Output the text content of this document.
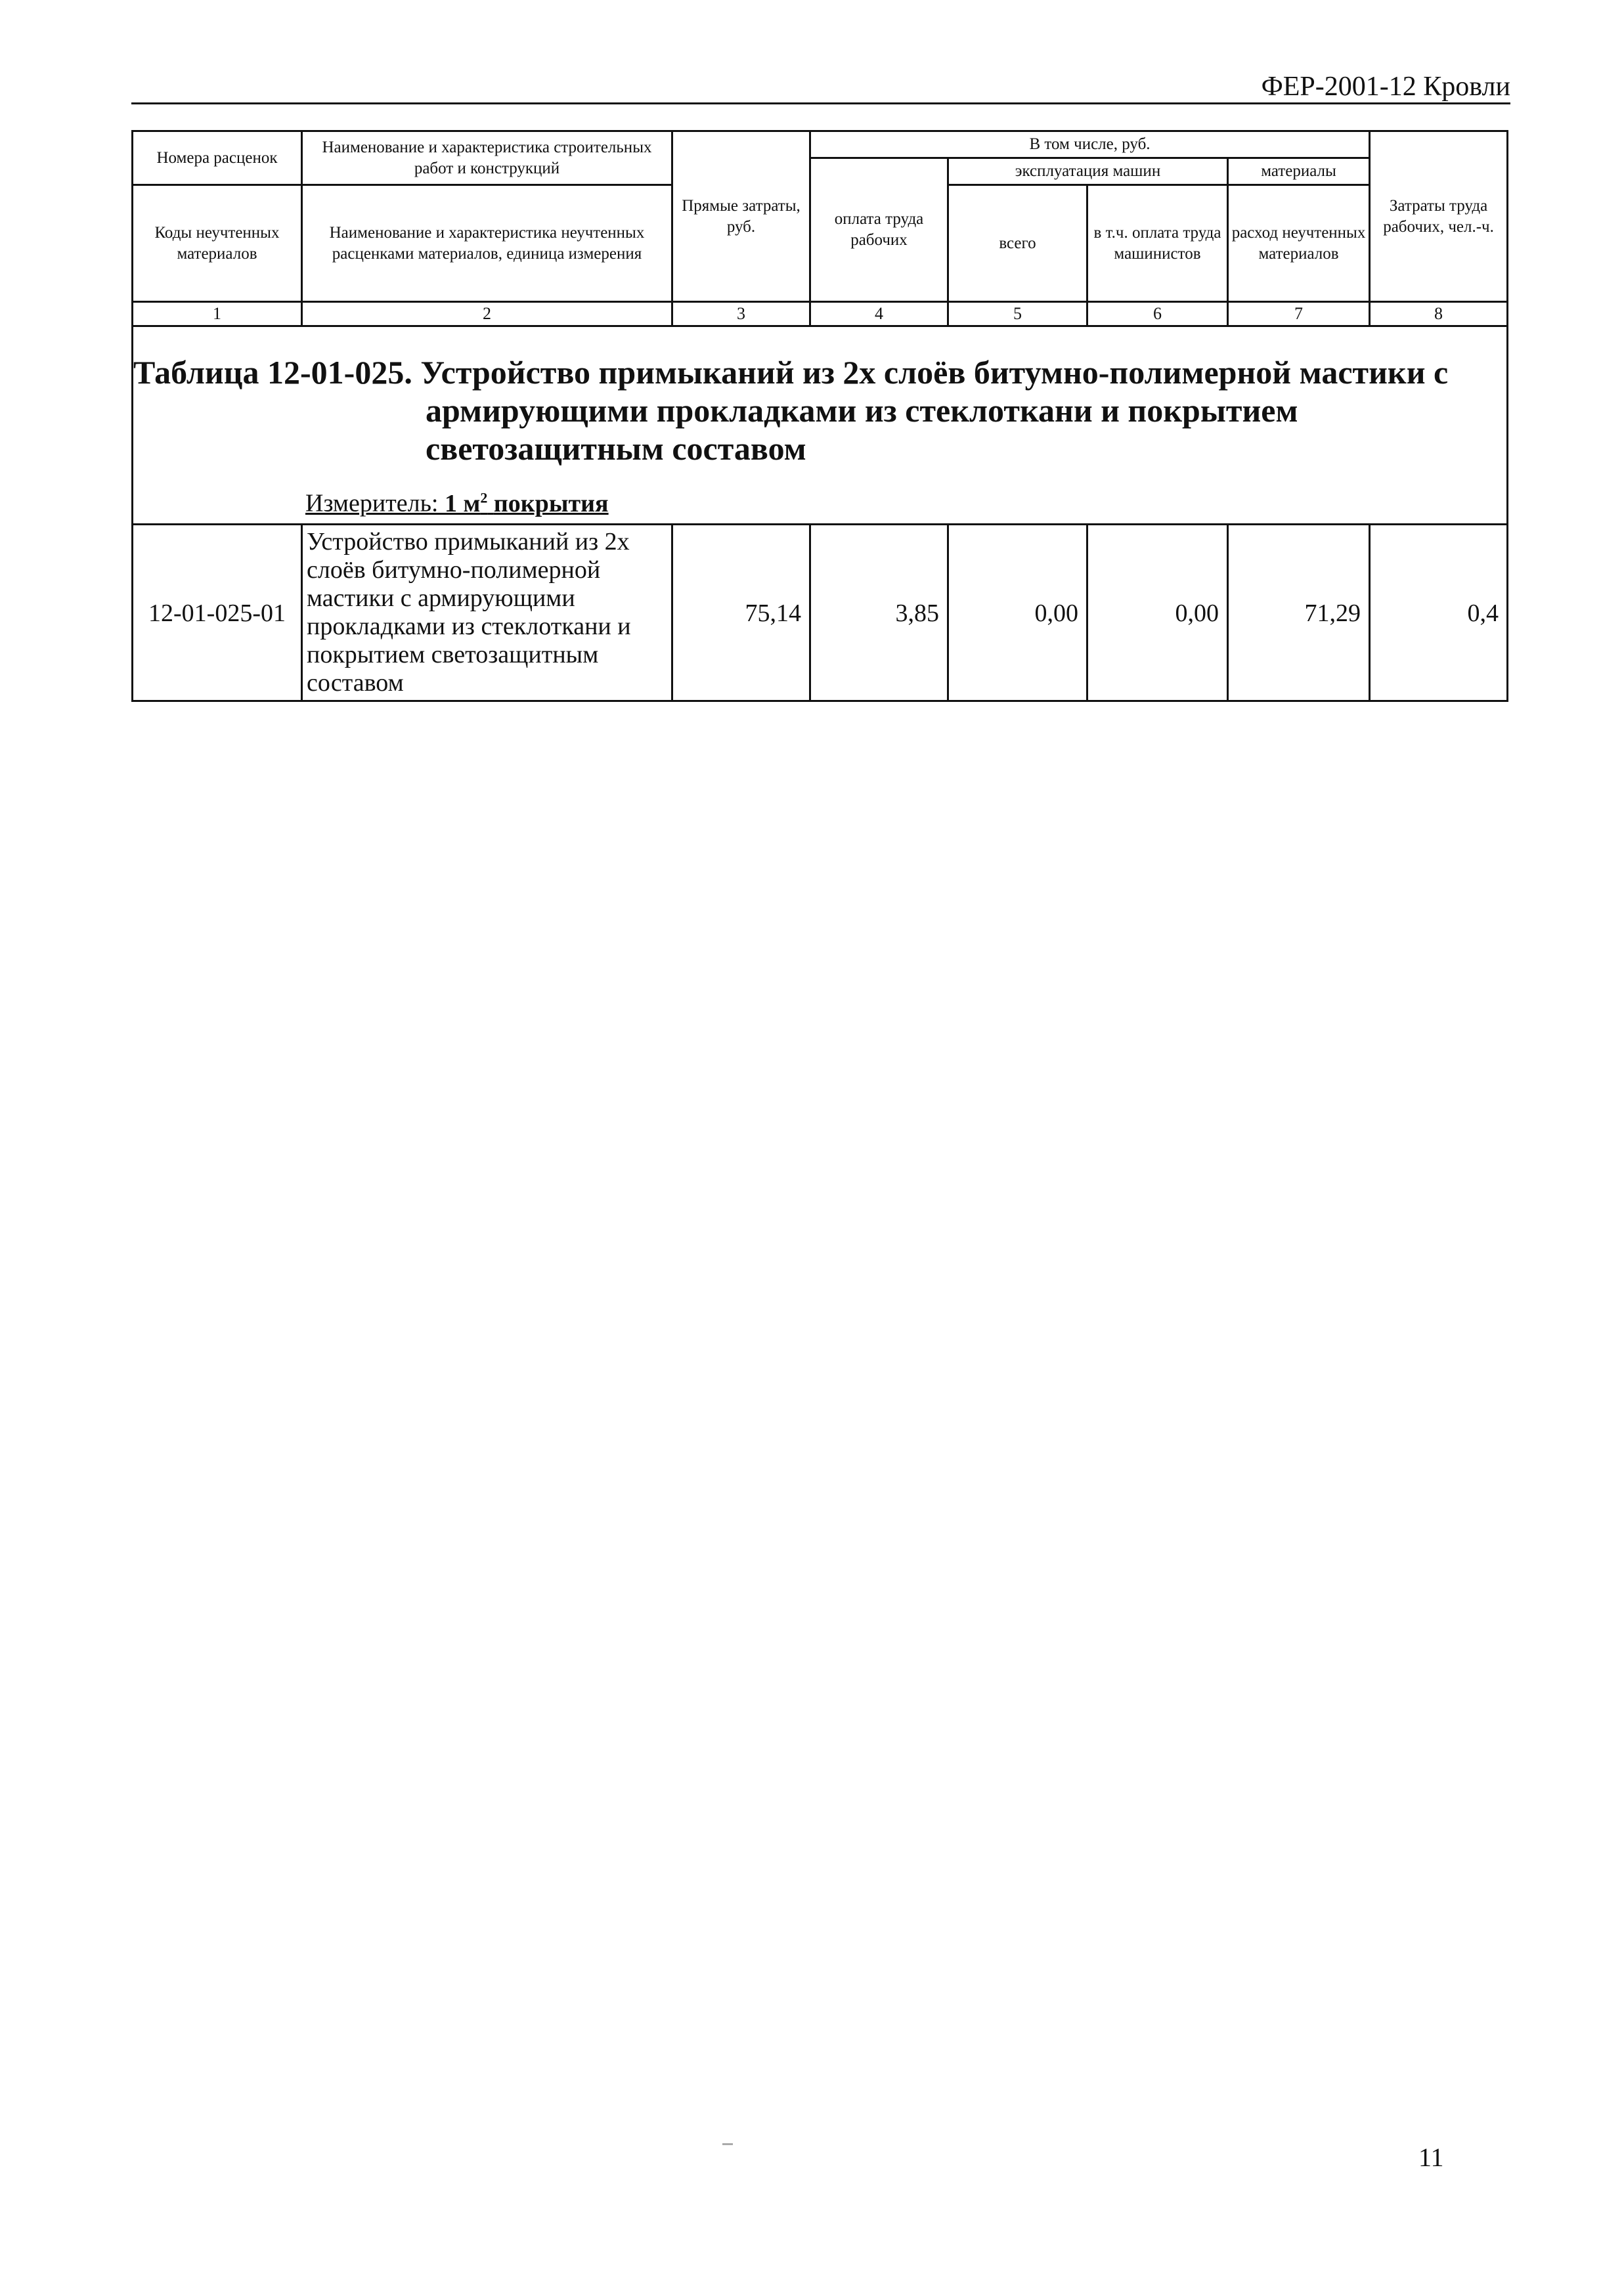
ФЕР-2001-12 Кровли
Номера расценок	Наименование и характеристика строительных работ и конструкций	Прямые затраты, руб.	В том числе, руб.				Затраты труда рабочих, чел.-ч.
			оплата труда рабочих	эксплуатация машин		материалы	
Коды неучтенных материалов	Наименование и характеристика неучтенных расценками материалов, единица измерения			всего	в т.ч. оплата труда машинистов	расход неучтенных материалов	

1	2	3	4	5	6	7	8

Таблица 12-01-025. Устройство примыканий из 2х слоёв битумно-полимерной мастики с
армирующими прокладками из стеклоткани и покрытием
светозащитным составом
Измеритель: 1 $м^2$ покрытия							

12-01-025-01	Устройство примыканий из 2х слоёв битумно-полимерной мастики с армирующими прокладками из стеклоткани и покрытием светозащитным составом	75,14	3,85	0,00	0,00	71,29	0,4
11
